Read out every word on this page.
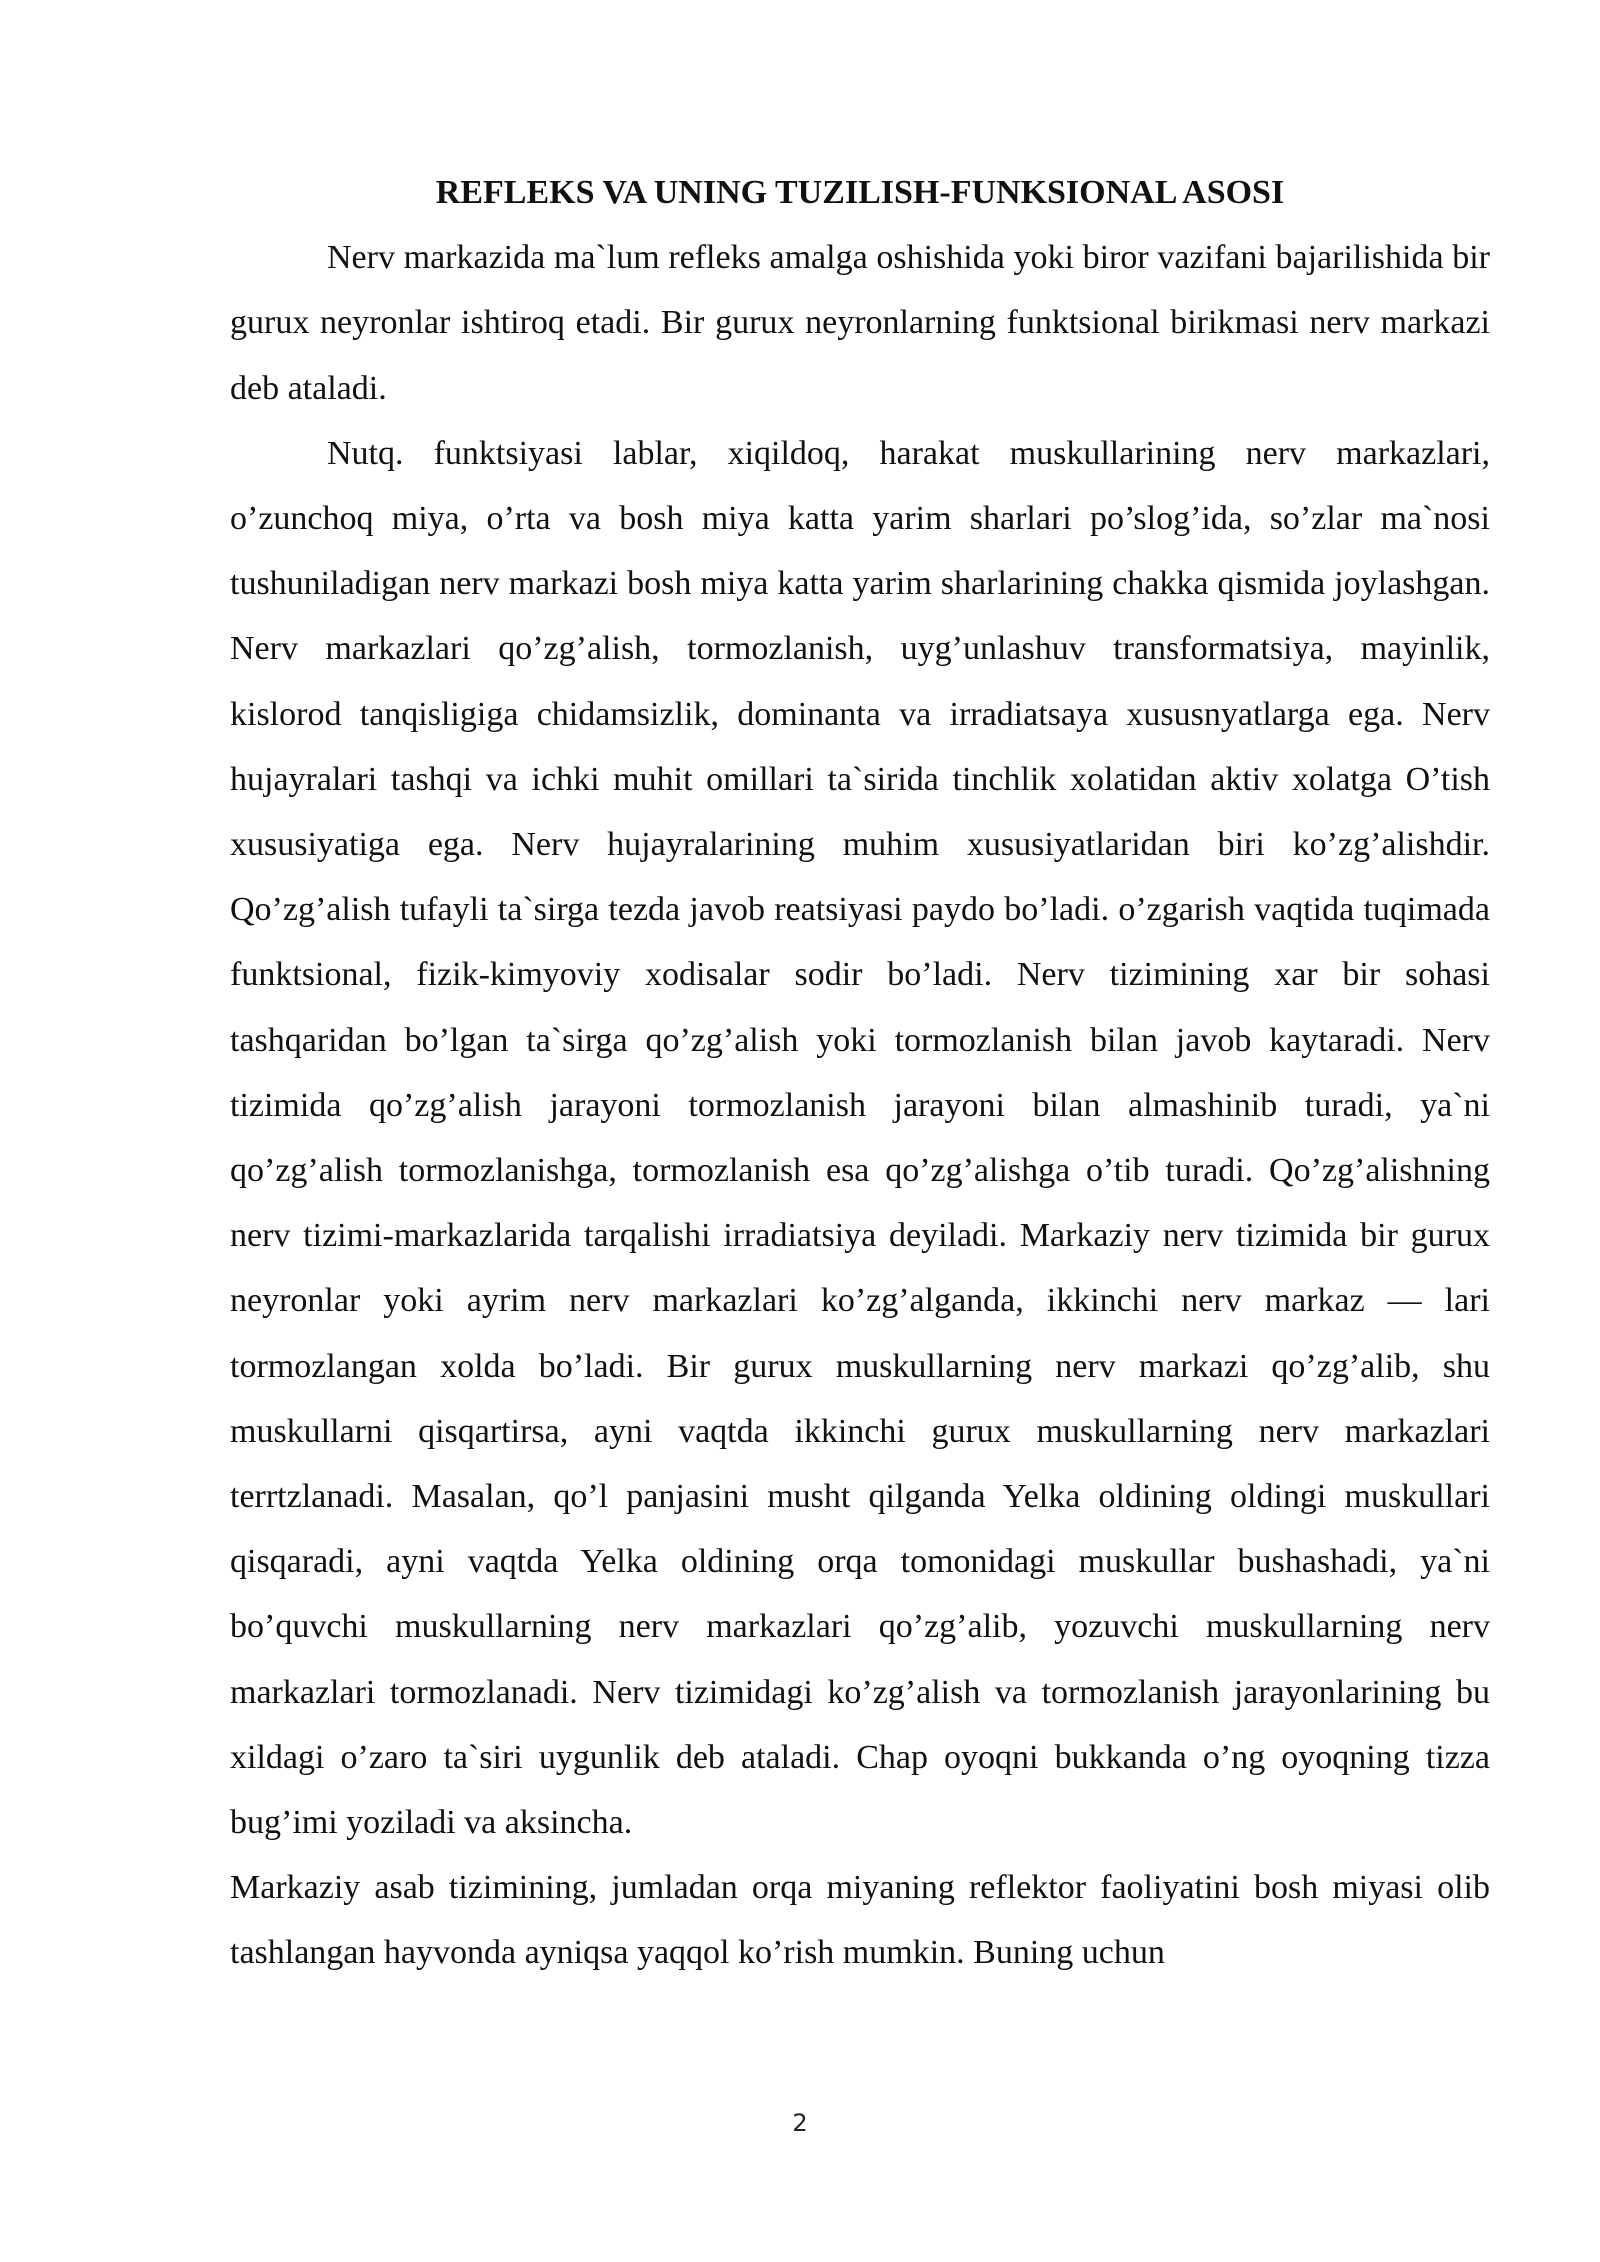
REFLEKS VA UNING TUZILISH-FUNKSIONAL ASOSI

Nerv markazida ma`lum refleks amalga oshishida yoki biror vazifani bajarilishida bir gurux neyronlar ishtiroq etadi. Bir gurux neyronlarning funktsional birikmasi nerv markazi deb ataladi.

Nutq. funktsiyasi lablar, xiqildoq, harakat muskullarining nerv markazlari, o’zunchoq miya, o’rta va bosh miya katta yarim sharlari po’slog’ida, so’zlar ma`nosi tushuniladigan nerv markazi bosh miya katta yarim sharlarining chakka qismida joylashgan. Nerv markazlari qo’zg’alish, tormozlanish, uyg’unlashuv transformatsiya, mayinlik, kislorod tanqisligiga chidamsizlik, dominanta va irradiatsaya xususnyatlarga ega. Nerv hujayralari tashqi va ichki muhit omillari ta`sirida tinchlik xolatidan aktiv xolatga O’tish xususiyatiga ega. Nerv hujayralarining muhim xususiyatlaridan biri ko’zg’alishdir. Qo’zg’alish tufayli ta`sirga tezda javob reatsiyasi paydo bo’ladi. o’zgarish vaqtida tuqimada funktsional, fizik-kimyoviy xodisalar sodir bo’ladi. Nerv tizimining xar bir sohasi tashqaridan bo’lgan ta`sirga qo’zg’alish yoki tormozlanish bilan javob kaytaradi. Nerv tizimida qo’zg’alish jarayoni tormozlanish jarayoni bilan almashinib turadi, ya`ni qo’zg’alish tormozlanishga, tormozlanish esa qo’zg’alishga o’tib turadi. Qo’zg’alishning nerv tizimi-markazlarida tarqalishi irradiatsiya deyiladi. Markaziy nerv tizimida bir gurux neyronlar yoki ayrim nerv markazlari ko’zg’alganda, ikkinchi nerv markaz — lari tormozlangan xolda bo’ladi. Bir gurux muskullarning nerv markazi qo’zg’alib, shu muskullarni qisqartirsa, ayni vaqtda ikkinchi gurux muskullarning nerv markazlari terrtzlanadi. Masalan, qo’l panjasini musht qilganda Yelka oldining oldingi muskullari qisqaradi, ayni vaqtda Yelka oldining orqa tomonidagi muskullar bushashadi, ya`ni bo’quvchi muskullarning nerv markazlari qo’zg’alib, yozuvchi muskullarning nerv markazlari tormozlanadi. Nerv tizimidagi ko’zg’alish va tormozlanish jarayonlarining bu xildagi o’zaro ta`siri uygunlik deb ataladi. Chap oyoqni bukkanda o’ng oyoqning tizza bug’imi yoziladi va aksincha.

Markaziy asab tizimining, jumladan orqa miyaning reflektor faoliyatini bosh miyasi olib tashlangan hayvonda ayniqsa yaqqol ko’rish mumkin. Buning uchun

2
